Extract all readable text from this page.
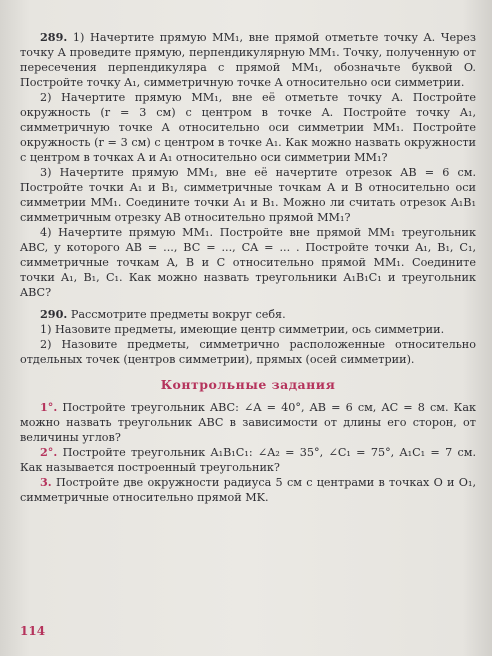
289. 1) Начертите прямую MM₁, вне прямой отметьте точку A. Через точку A проведите прямую, перпендикулярную MM₁. Точку, полученную от пересечения перпендикуляра с прямой MM₁, обозначьте буквой O. Постройте точку A₁, симметричную точке A относительно оси симметрии.

2) Начертите прямую MM₁, вне её отметьте точку A. Постройте окружность (r = 3 см) с центром в точке A. Постройте точку A₁, симметричную точке A относительно оси симметрии MM₁. Постройте окружность (r = 3 см) с центром в точке A₁. Как можно назвать окружности с центром в точках A и A₁ относительно оси симметрии MM₁?

3) Начертите прямую MM₁, вне её начертите отрезок AB = 6 см. Постройте точки A₁ и B₁, симметричные точкам A и B относительно оси симметрии MM₁. Соедините точки A₁ и B₁. Можно ли считать отрезок A₁B₁ симметричным отрезку AB относительно прямой MM₁?

4) Начертите прямую MM₁. Постройте вне прямой MM₁ треугольник ABC, у которого AB = ..., BC = ..., CA = ... . Постройте точки A₁, B₁, C₁, симметричные точкам A, B и C относительно прямой MM₁. Соедините точки A₁, B₁, C₁. Как можно назвать треугольники A₁B₁C₁ и треугольник ABC?

290. Рассмотрите предметы вокруг себя.

1) Назовите предметы, имеющие центр симметрии, ось симметрии.

2) Назовите предметы, симметрично расположенные относительно отдельных точек (центров симметрии), прямых (осей симметрии).

Контрольные задания

1°. Постройте треугольник ABC: ∠A = 40°, AB = 6 см, AC = 8 см. Как можно назвать треугольник ABC в зависимости от длины его сторон, от величины углов?

2°. Постройте треугольник A₁B₁C₁: ∠A₂ = 35°, ∠C₁ = 75°, A₁C₁ = 7 см. Как называется построенный треугольник?

3. Постройте две окружности радиуса 5 см с центрами в точках O и O₁, симметричные относительно прямой MK.

114
